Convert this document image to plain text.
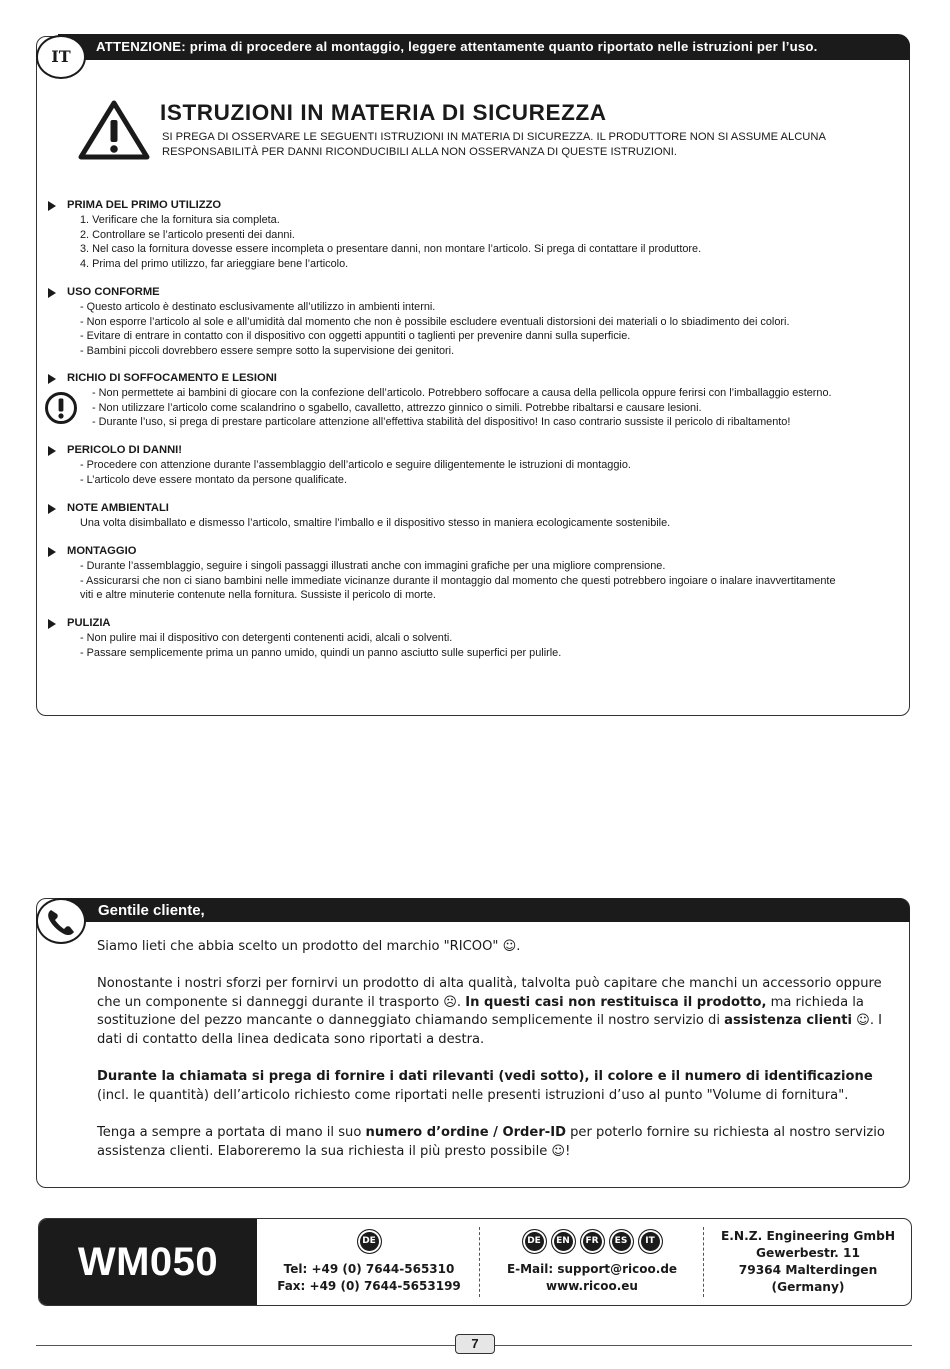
ATTENZIONE: prima di procedere al montaggio, leggere attentamente quanto riportato nelle istruzioni per l’uso.
IT
ISTRUZIONI IN MATERIA DI SICUREZZA
SI PREGA DI OSSERVARE LE SEGUENTI ISTRUZIONI IN MATERIA DI SICUREZZA. IL PRODUTTORE NON SI ASSUME ALCUNA
RESPONSABILITÀ PER DANNI RICONDUCIBILI ALLA NON OSSERVANZA DI QUESTE ISTRUZIONI.
PRIMA DEL PRIMO UTILIZZO
1. Verificare che la fornitura sia completa.
2. Controllare se l’articolo presenti dei danni.
3. Nel caso la fornitura dovesse essere incompleta o presentare danni, non montare l’articolo. Si prega di contattare il produttore.
4. Prima del primo utilizzo, far arieggiare bene l’articolo.
USO CONFORME
- Questo articolo è destinato esclusivamente all’utilizzo in ambienti interni.
- Non esporre l’articolo al sole e all’umidità dal momento che non è possibile escludere eventuali distorsioni dei materiali o lo sbiadimento dei colori.
- Evitare di entrare in contatto con il dispositivo con oggetti appuntiti o taglienti per prevenire danni sulla superficie.
- Bambini piccoli dovrebbero essere sempre sotto la supervisione dei genitori.
RICHIO DI SOFFOCAMENTO E LESIONI
- Non permettete ai bambini di giocare con la confezione dell’articolo. Potrebbero soffocare a causa della pellicola oppure ferirsi con l’imballaggio esterno.
- Non utilizzare l’articolo come scalandrino o sgabello, cavalletto, attrezzo ginnico o simili. Potrebbe ribaltarsi e causare lesioni.
- Durante l’uso, si prega di prestare particolare attenzione all’effettiva stabilità del dispositivo! In caso contrario sussiste il pericolo di ribaltamento!
PERICOLO DI DANNI!
- Procedere con attenzione durante l’assemblaggio dell’articolo e seguire diligentemente le istruzioni di montaggio.
- L’articolo deve essere montato da persone qualificate.
NOTE AMBIENTALI
Una volta disimballato e dismesso l’articolo, smaltire l’imballo e il dispositivo stesso in maniera ecologicamente sostenibile.
MONTAGGIO
- Durante l’assemblaggio, seguire i singoli passaggi illustrati anche con immagini grafiche per una migliore comprensione.
- Assicurarsi che non ci siano bambini nelle immediate vicinanze durante il montaggio dal momento che questi potrebbero ingoiare o inalare inavvertitamente
viti e altre minuterie contenute nella fornitura. Sussiste il pericolo di morte.
PULIZIA
- Non pulire mai il dispositivo con detergenti contenenti acidi, alcali o solventi.
- Passare semplicemente prima un panno umido, quindi un panno asciutto sulle superfici per pulirle.
Gentile cliente,

Siamo lieti che abbia scelto un prodotto del marchio "RICOO" ☺.

Nonostante i nostri sforzi per fornirvi un prodotto di alta qualità, talvolta può capitare che manchi un accessorio oppure che un componente si danneggi durante il trasporto ☹. In questi casi non restituisca il prodotto, ma richieda la sostituzione del pezzo mancante o danneggiato chiamando semplicemente il nostro servizio di assistenza clienti ☺. I dati di contatto della linea dedicata sono riportati a destra.

Durante la chiamata si prega di fornire i dati rilevanti (vedi sotto), il colore e il numero di identificazione (incl. le quantità) dell’articolo richiesto come riportati nelle presenti istruzioni d’uso al punto "Volume di fornitura".

Tenga a sempre a portata di mano il suo numero d’ordine / Order-ID per poterlo fornire su richiesta al nostro servizio assistenza clienti. Elaboreremo la sua richiesta il più presto possibile ☺!

WM050	DE
Tel: +49 (0) 7644-565310
Fax: +49 (0) 7644-5653199
DE EN FR ES IT
E-Mail: support@ricoo.de
www.ricoo.eu
E.N.Z. Engineering GmbH
Gewerbestr. 11
79364 Malterdingen
(Germany)
7
